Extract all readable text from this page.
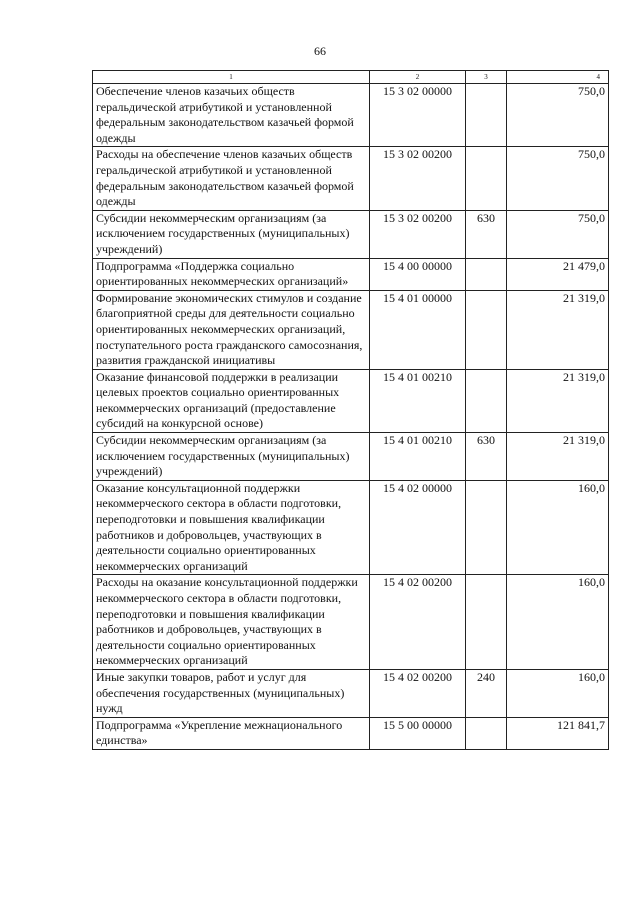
66
1	2	3	4
Обеспечение членов казачьих обществ геральдической атрибутикой и установленной федеральным законодательством казачьей формой одежды	15 3 02 00000		750,0
Расходы на обеспечение членов казачьих обществ геральдической атрибутикой и установленной федеральным законодательством казачьей формой одежды	15 3 02 00200		750,0
Субсидии некоммерческим организациям (за исключением государственных (муниципальных) учреждений)	15 3 02 00200	630	750,0
Подпрограмма «Поддержка социально ориентированных некоммерческих организаций»	15 4 00 00000		21 479,0
Формирование экономических стимулов и создание благоприятной среды для деятельности социально ориентированных некоммерческих организаций, поступательного роста гражданского самосознания, развития гражданской инициативы	15 4 01 00000		21 319,0
Оказание финансовой поддержки в реализации целевых проектов социально ориентированных некоммерческих организаций (предоставление субсидий на конкурсной основе)	15 4 01 00210		21 319,0
Субсидии некоммерческим организациям (за исключением государственных (муниципальных) учреждений)	15 4 01 00210	630	21 319,0
Оказание консультационной поддержки некоммерческого сектора в области подготовки, переподготовки и повышения квалификации работников и добровольцев, участвующих в деятельности социально ориентированных некоммерческих организаций	15 4 02 00000		160,0
Расходы на оказание консультационной поддержки некоммерческого сектора в области подготовки, переподготовки и повышения квалификации работников и добровольцев, участвующих в деятельности социально ориентированных некоммерческих организаций	15 4 02 00200		160,0
Иные закупки товаров, работ и услуг для обеспечения государственных (муниципальных) нужд	15 4 02 00200	240	160,0
Подпрограмма «Укрепление межнационального единства»	15 5 00 00000		121 841,7
